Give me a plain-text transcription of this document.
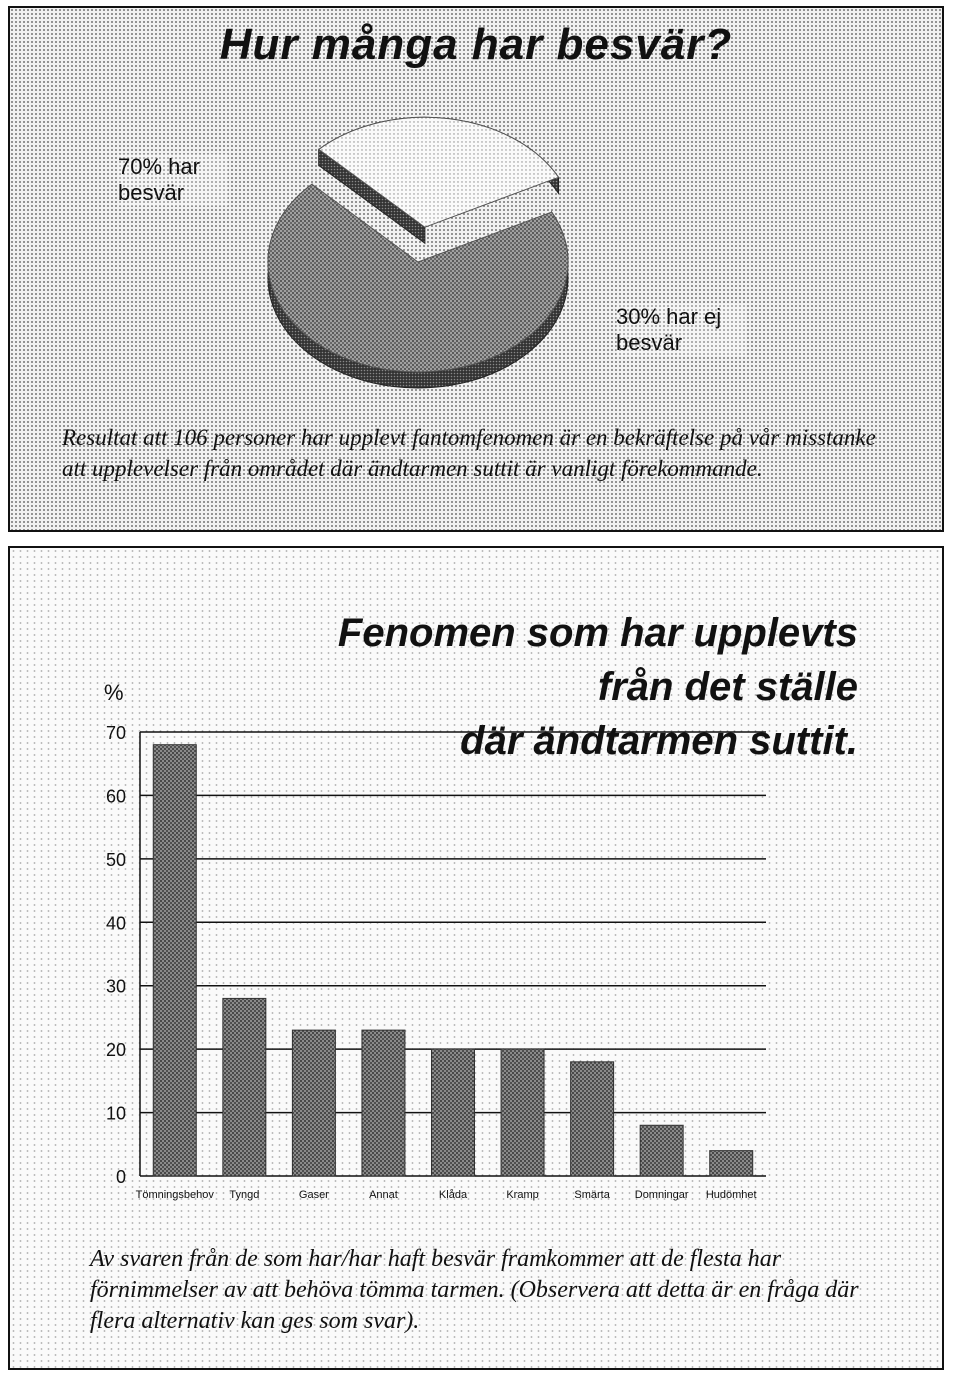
Hur många har besvär?
70% har besvär
30% har ej besvär
Resultat att 106 personer har upplevt fantomfenomen är en bekräftelse på vår misstanke att upplevelser från området där ändtarmen suttit är vanligt förekommande.
Fenomen som har upplevts
från det ställe
där ändtarmen suttit.
Av svaren från de som har/har haft besvär framkommer att de flesta har förnimmelser av att behöva tömma tarmen. (Observera att detta är en fråga där flera alternativ kan ges som svar).
%
0
10
20
30
40
50
60
70
Tömningsbehov Tyngd	Gaser	Annat	Klåda	Kramp	Smärta Domningar Hudömhet
